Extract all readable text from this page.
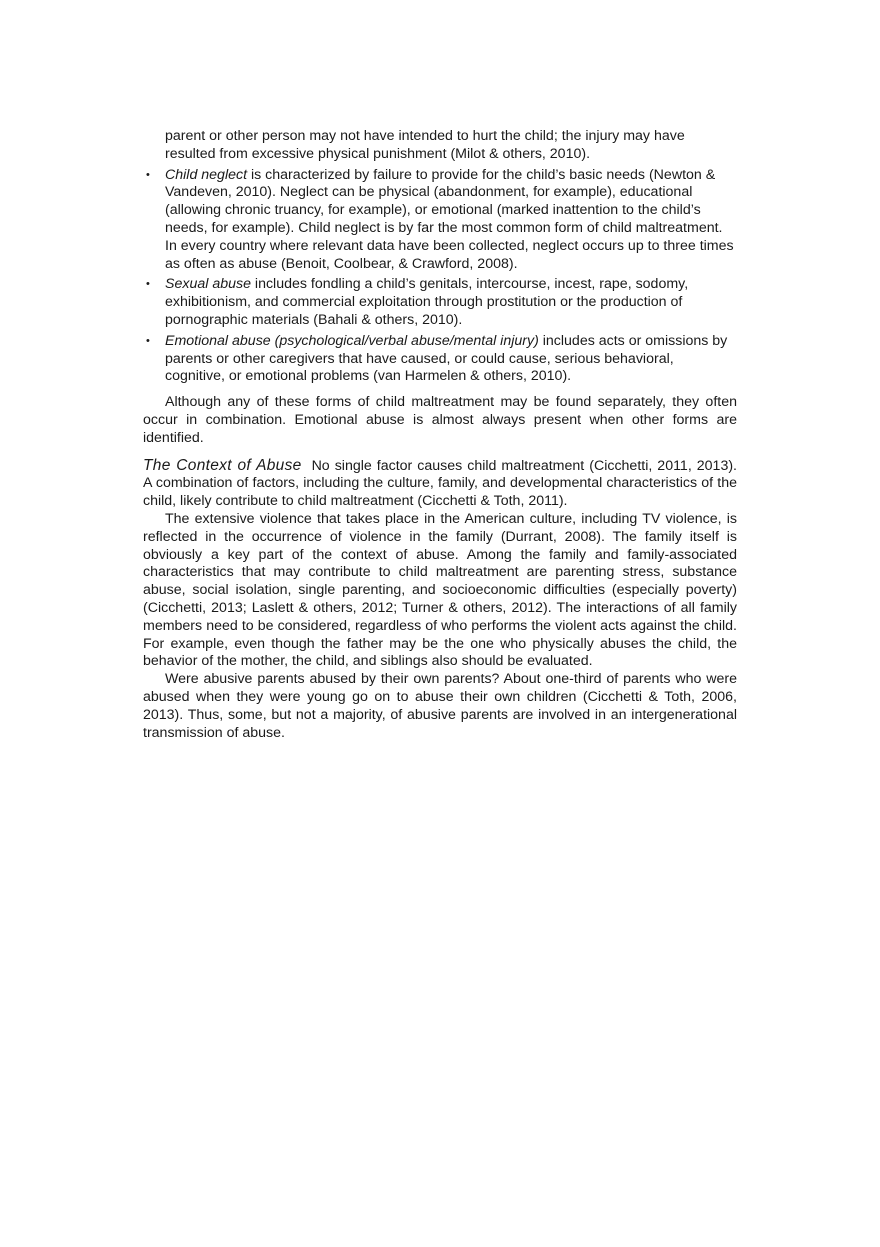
parent or other person may not have intended to hurt the child; the injury may have resulted from excessive physical punishment (Milot & others, 2010).

• Child neglect is characterized by failure to provide for the child’s basic needs (Newton & Vandeven, 2010). Neglect can be physical (abandonment, for example), educational (allowing chronic truancy, for example), or emotional (marked inattention to the child’s needs, for example). Child neglect is by far the most common form of child maltreatment. In every country where relevant data have been collected, neglect occurs up to three times as often as abuse (Benoit, Coolbear, & Crawford, 2008).
• Sexual abuse includes fondling a child’s genitals, intercourse, incest, rape, sodomy, exhibitionism, and commercial exploitation through prostitution or the production of pornographic materials (Bahali & others, 2010).
• Emotional abuse (psychological/verbal abuse/mental injury) includes acts or omissions by parents or other caregivers that have caused, or could cause, serious behavioral, cognitive, or emotional problems (van Harmelen & others, 2010).

Although any of these forms of child maltreatment may be found separately, they often occur in combination. Emotional abuse is almost always present when other forms are identified.

The Context of Abuse No single factor causes child maltreatment (Cicchetti, 2011, 2013). A combination of factors, including the culture, family, and developmental characteristics of the child, likely contribute to child maltreatment (Cicchetti & Toth, 2011).

The extensive violence that takes place in the American culture, including TV violence, is reflected in the occurrence of violence in the family (Durrant, 2008). The family itself is obviously a key part of the context of abuse. Among the family and family-associated characteristics that may contribute to child maltreatment are parenting stress, substance abuse, social isolation, single parenting, and socioeconomic difficulties (especially poverty) (Cicchetti, 2013; Laslett & others, 2012; Turner & others, 2012). The interactions of all family members need to be considered, regardless of who performs the violent acts against the child. For example, even though the father may be the one who physically abuses the child, the behavior of the mother, the child, and siblings also should be evaluated.

Were abusive parents abused by their own parents? About one-third of parents who were abused when they were young go on to abuse their own children (Cicchetti & Toth, 2006, 2013). Thus, some, but not a majority, of abusive parents are involved in an intergenerational transmission of abuse.
